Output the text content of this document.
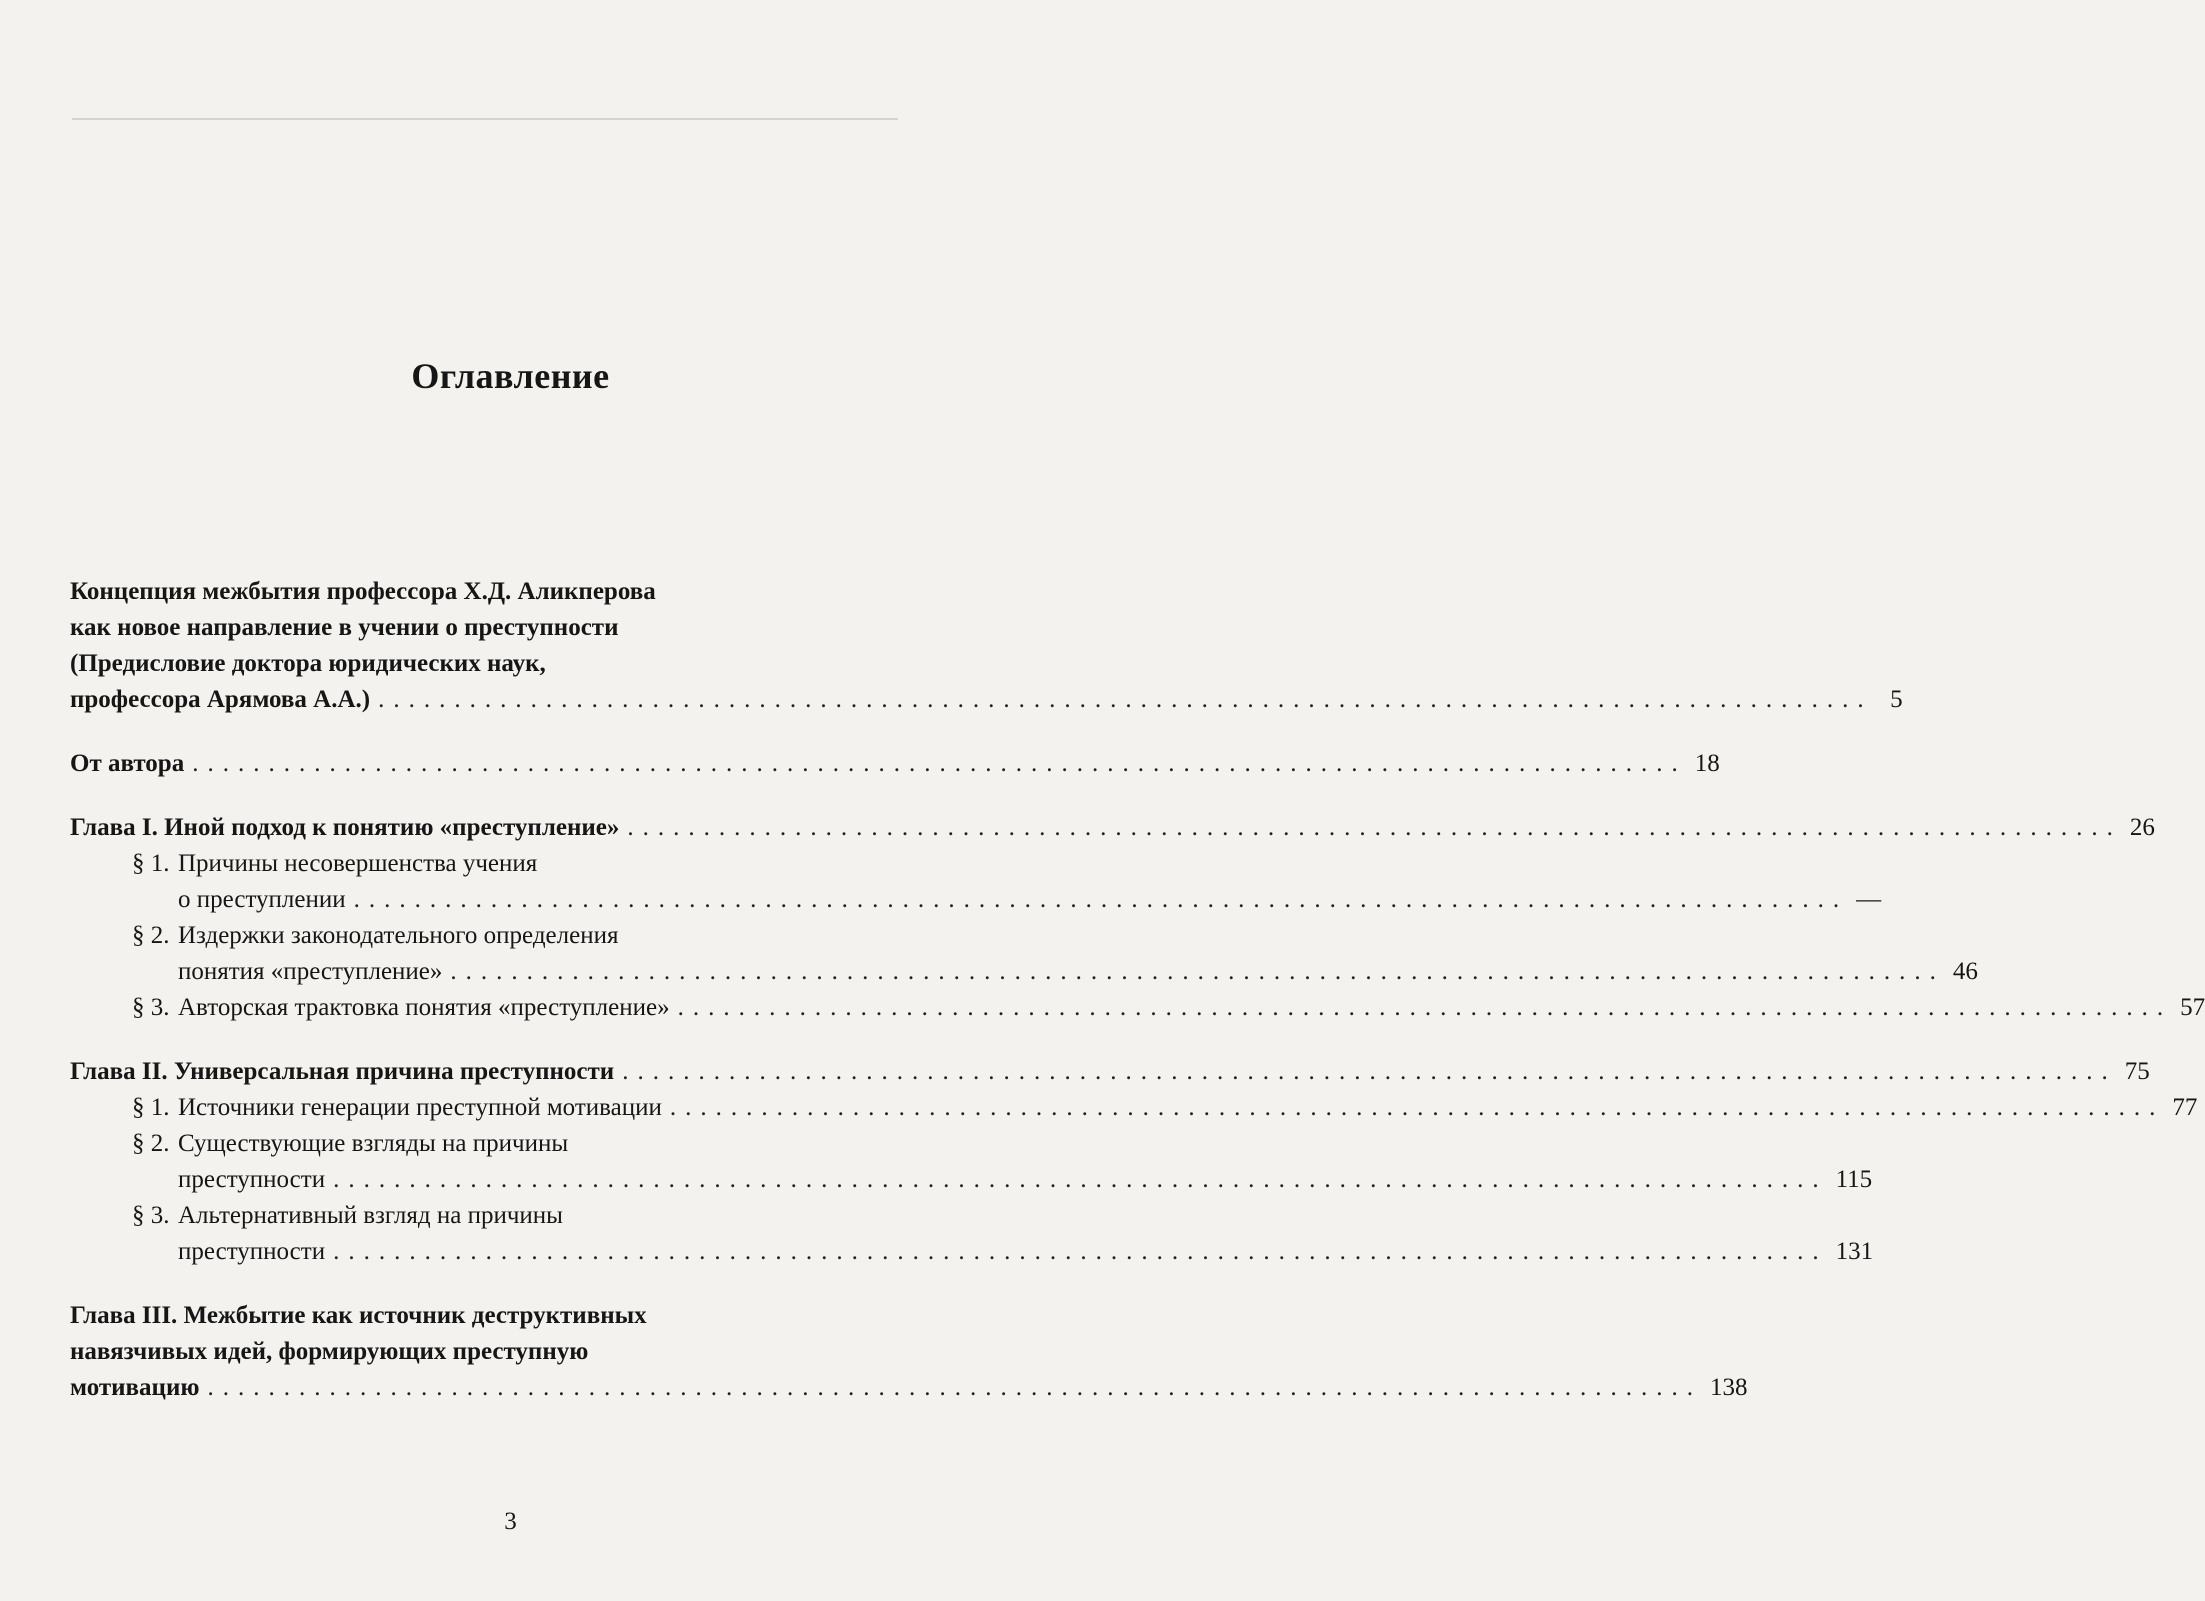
Оглавление
Концепция межбытия профессора Х.Д. Аликперова
как новое направление в учении о преступности
(Предисловие доктора юридических наук,
профессора Арямова А.А.) .................................................................................................. 5
От автора .................................................................................................. 18
Глава I. Иной подход к понятию «преступление» .................................................................................................. 26
§ 1. Причины несовершенства учения
о преступлении .................................................................................................. —
§ 2. Издержки законодательного определения
понятия «преступление» .................................................................................................. 46
§ 3. Авторская трактовка понятия «преступление» .................................................................................................. 57
Глава II. Универсальная причина преступности .................................................................................................. 75
§ 1. Источники генерации преступной мотивации .................................................................................................. 77
§ 2. Существующие взгляды на причины
преступности .................................................................................................. 115
§ 3. Альтернативный взгляд на причины
преступности .................................................................................................. 131
Глава III. Межбытие как источник деструктивных
навязчивых идей, формирующих преступную
мотивацию .................................................................................................. 138
3
